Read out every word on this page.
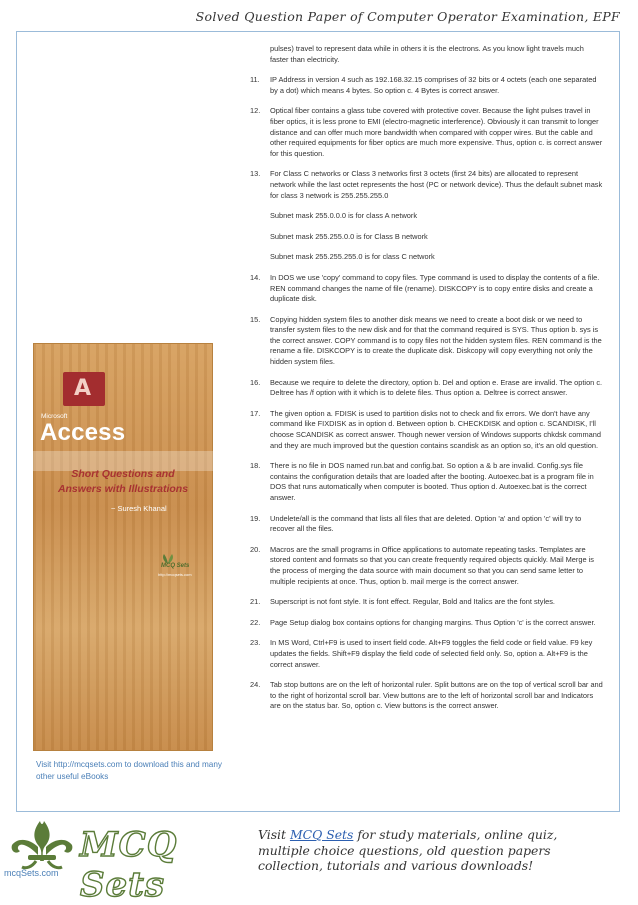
Solved Question Paper of Computer Operator Examination, EPF
pulses) travel to represent data while in others it is the electrons. As you know light travels much faster than electricity.
11.	IP Address in version 4 such as 192.168.32.15 comprises of 32 bits or 4 octets (each one separated by a dot) which means 4 bytes. So option c. 4 Bytes is correct answer.
12.	Optical fiber contains a glass tube covered with protective cover. Because the light pulses travel in fiber optics, it is less prone to EMI (electro-magnetic interference). Obviously it can transmit to longer distance and can offer much more bandwidth when compared with copper wires. But the cable and other required equipments for fiber optics are much more expensive. Thus, option c. is correct answer for this question.
13.	For Class C networks or Class 3 networks first 3 octets (first 24 bits) are allocated to represent network while the last octet represents the host (PC or network device). Thus the default subnet mask for class 3 network is 255.255.255.0
Subnet mask 255.0.0.0 is for class A network
Subnet mask 255.255.0.0 is for Class B network
Subnet mask 255.255.255.0 is for class C network
14.	In DOS we use 'copy' command to copy files. Type command is used to display the contents of a file. REN command changes the name of file (rename). DISKCOPY is to copy entire disks and create a duplicate disk.
15.	Copying hidden system files to another disk means we need to create a boot disk or we need to transfer system files to the new disk and for that the command required is SYS. Thus option b. sys is the correct answer. COPY command is to copy files not the hidden system files. REN command is the rename a file. DISKCOPY is to create the duplicate disk. Diskcopy will copy everything not only the hidden system files.
16.	Because we require to delete the directory, option b. Del and option e. Erase are invalid. The option c. Deltree has /f option with it which is to delete files. Thus option a. Deltree is correct answer.
17.	The given option a. FDISK is used to partition disks not to check and fix errors. We don't have any command like FIXDISK as in option d. Between option b. CHECKDISK and option c. SCANDISK, I'll choose SCANDISK as correct answer. Though newer version of Windows supports chkdsk command and they are much improved but the question contains scandisk as an option so, it's an old question.
18.	There is no file in DOS named run.bat and config.bat. So option a & b are invalid. Config.sys file contains the configuration details that are loaded after the booting. Autoexec.bat is a program file in DOS that runs automatically when computer is booted. Thus option d. Autoexec.bat is the correct answer.
19.	Undelete/all is the command that lists all files that are deleted. Option 'a' and option 'c' will try to recover all the files.
20.	Macros are the small programs in Office applications to automate repeating tasks. Templates are stored content and formats so that you can create frequently required objects quickly. Mail Merge is the process of merging the data source with main document so that you can send same letter to multiple recipients at once. Thus, option b. mail merge is the correct answer.
21.	Superscript is not font style. It is font effect. Regular, Bold and Italics are the font styles.
22.	Page Setup dialog box contains options for changing margins. Thus Option 'c' is the correct answer.
23.	In MS Word, Ctrl+F9 is used to insert field code. Alt+F9 toggles the field code or field value. F9 key updates the fields. Shift+F9 display the field code of selected field only. So, option a. Alt+F9 is the correct answer.
24.	Tab stop buttons are on the left of horizontal ruler. Split buttons are on the top of vertical scroll bar and to the right of horizontal scroll bar. View buttons are to the left of horizontal scroll bar and Indicators are on the status bar. So, option c. View buttons is the correct answer.
A
Microsoft
Access
Short Questions and Answers with Illustrations
~ Suresh Khanal
MCQ Sets
http://mcqsets.com
Visit http://mcqsets.com to download this and many other useful eBooks
MCQ Sets
mcqSets.com
Visit MCQ Sets for study materials, online quiz, multiple choice questions, old question papers collection, tutorials and various downloads!
